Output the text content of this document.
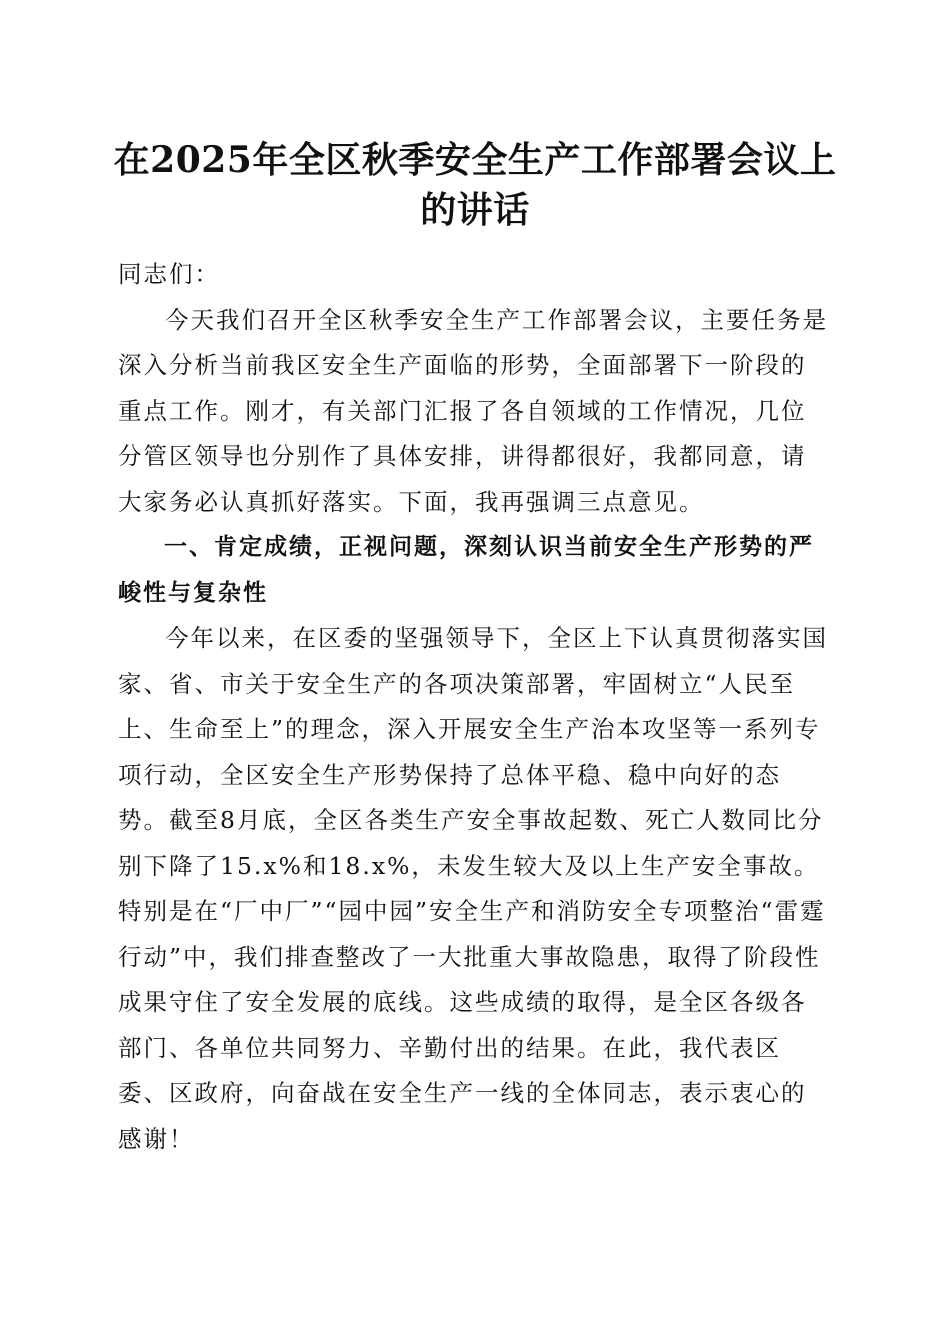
在2025年全区秋季安全生产工作部署会议上
的讲话

同志们：

今天我们召开全区秋季安全生产工作部署会议，主要任务是深入分析当前我区安全生产面临的形势，全面部署下一阶段的重点工作。刚才，有关部门汇报了各自领域的工作情况，几位分管区领导也分别作了具体安排，讲得都很好，我都同意，请大家务必认真抓好落实。下面，我再强调三点意见。

一、肯定成绩，正视问题，深刻认识当前安全生产形势的严峻性与复杂性

今年以来，在区委的坚强领导下，全区上下认真贯彻落实国家、省、市关于安全生产的各项决策部署，牢固树立“人民至上、生命至上”的理念，深入开展安全生产治本攻坚等一系列专项行动，全区安全生产形势保持了总体平稳、稳中向好的态势。截至8月底，全区各类生产安全事故起数、死亡人数同比分别下降了15.x%和18.x%，未发生较大及以上生产安全事故。特别是在“厂中厂”“园中园”安全生产和消防安全专项整治“雷霆行动”中，我们排查整改了一大批重大事故隐患，取得了阶段性成果守住了安全发展的底线。这些成绩的取得，是全区各级各部门、各单位共同努力、辛勤付出的结果。在此，我代表区委、区政府，向奋战在安全生产一线的全体同志，表示衷心的感谢！
